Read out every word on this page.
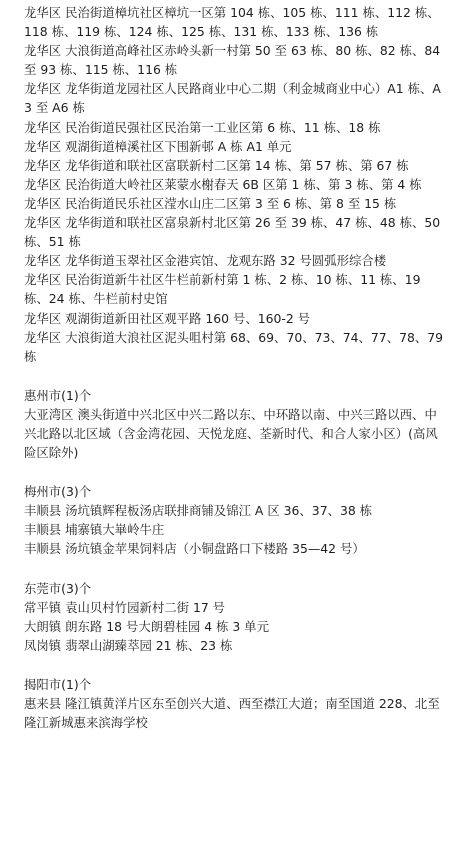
龙华区 民治街道樟坑社区樟坑一区第 104 栋、105 栋、111 栋、112 栋、118 栋、119 栋、124 栋、125 栋、131 栋、133 栋、136 栋

龙华区 大浪街道高峰社区赤岭头新一村第 50 至 63 栋、80 栋、82 栋、84 至 93 栋、115 栋、116 栋

龙华区 龙华街道龙园社区人民路商业中心二期（利金城商业中心）A1 栋、A3 至 A6 栋

龙华区 民治街道民强社区民治第一工业区第 6 栋、11 栋、18 栋

龙华区 观湖街道樟溪社区下围新邨 A 栋 A1 单元

龙华区 龙华街道和联社区富联新村二区第 14 栋、第 57 栋、第 67 栋

龙华区 民治街道大岭社区莱蒙水榭春天 6B 区第 1 栋、第 3 栋、第 4 栋

龙华区 民治街道民乐社区滢水山庄二区第 3 至 6 栋、第 8 至 15 栋

龙华区 龙华街道和联社区富泉新村北区第 26 至 39 栋、47 栋、48 栋、50 栋、51 栋

龙华区 龙华街道玉翠社区金港宾馆、龙观东路 32 号圆弧形综合楼

龙华区 民治街道新牛社区牛栏前新村第 1 栋、2 栋、10 栋、11 栋、19 栋、24 栋、牛栏前村史馆

龙华区 观湖街道新田社区观平路 160 号、160-2 号

龙华区 大浪街道大浪社区泥头咀村第 68、69、70、73、74、77、78、79 栋

惠州市(1)个

大亚湾区 澳头街道中兴北区中兴二路以东、中环路以南、中兴三路以西、中兴北路以北区域（含金湾花园、天悦龙庭、荃新时代、和合人家小区）(高风险区除外)

梅州市(3)个

丰顺县 汤坑镇辉程板汤店联排商铺及锦江 A 区 36、37、38 栋

丰顺县 埔寨镇大崋岭牛庄

丰顺县 汤坑镇金苹果饲料店（小铜盘路口下楼路 35—42 号）

东莞市(3)个

常平镇 袁山贝村竹园新村二街 17 号

大朗镇 朗东路 18 号大朗碧桂园 4 栋 3 单元

凤岗镇 翡翠山湖臻萃园 21 栋、23 栋

揭阳市(1)个

惠来县 隆江镇黄洋片区东至创兴大道、西至襟江大道；南至国道 228、北至隆江新城惠来滨海学校
